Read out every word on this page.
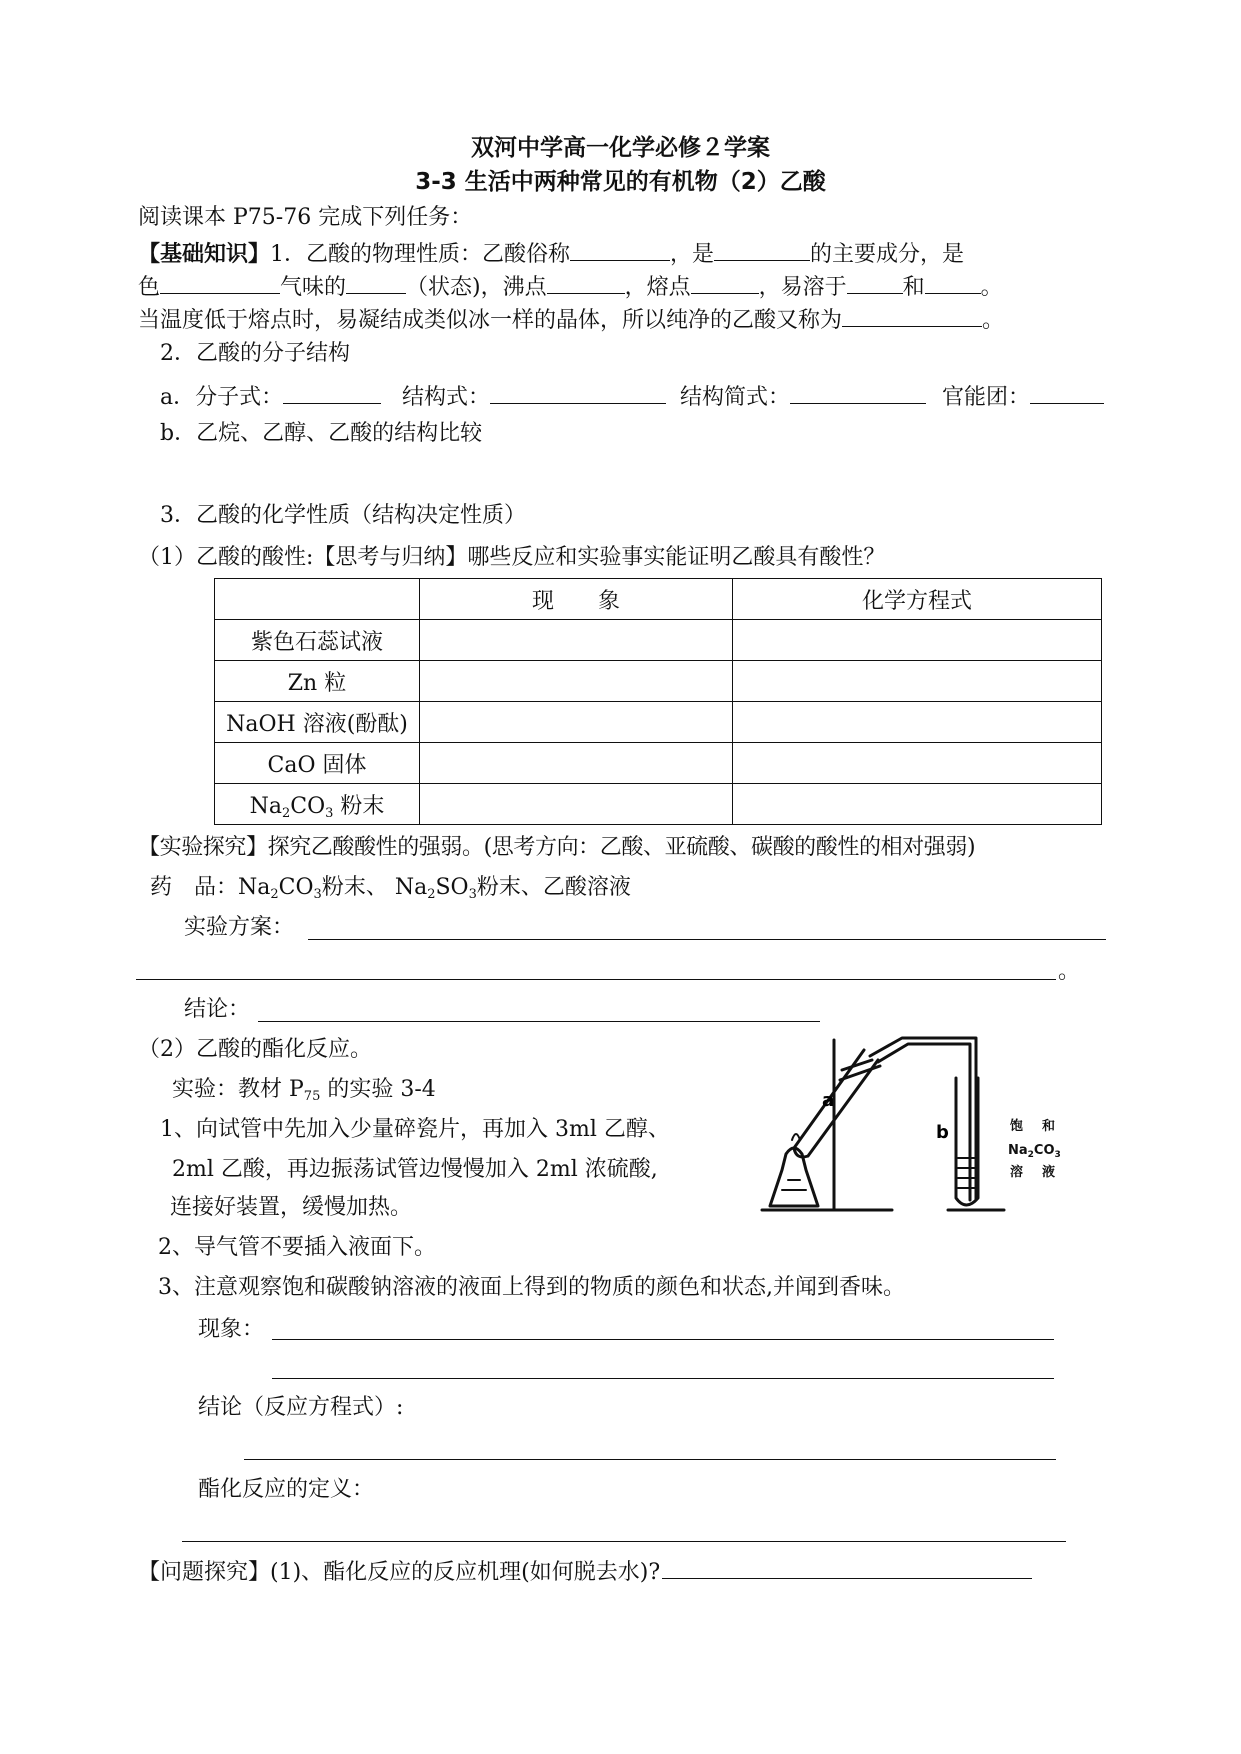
双河中学高一化学必修２学案
3-3 生活中两种常见的有机物（2）乙酸
阅读课本 P75-76 完成下列任务：
【基础知识】1．乙酸的物理性质：乙酸俗称	，是	的主要成分，是
色	气味的	（状态)，沸点	，熔点	，易溶于	和	。
当温度低于熔点时，易凝结成类似冰一样的晶体，所以纯净的乙酸又称为	。
2．乙酸的分子结构
a．分子式：	结构式：	结构简式：	官能团：
b．乙烷、乙醇、乙酸的结构比较
3．乙酸的化学性质（结构决定性质）
（1）乙酸的酸性:【思考与归纳】哪些反应和实验事实能证明乙酸具有酸性？
	现　　象	化学方程式
紫色石蕊试液		
Zn 粒		
NaOH 溶液(酚酞)		
CaO 固体		
$Na_2CO_3$ 粉末		
【实验探究】探究乙酸酸性的强弱。(思考方向：乙酸、亚硫酸、碳酸的酸性的相对强弱)
药　品：$Na_2CO_3$粉末、 $Na_2SO_3$粉末、乙酸溶液
实验方案：
。
结论：
（2）乙酸的酯化反应。
实验：教材 $P_{75}$ 的实验 3-4
1、向试管中先加入少量碎瓷片，再加入 3ml 乙醇、
2ml 乙酸，再边振荡试管边慢慢加入 2ml 浓硫酸,
连接好装置，缓慢加热。
2、导气管不要插入液面下。
3、注意观察饱和碳酸钠溶液的液面上得到的物质的颜色和状态,并闻到香味。
现象：
结论（反应方程式）:
酯化反应的定义：
【问题探究】(1)、酯化反应的反应机理(如何脱去水)?
a
b	饱 和
$Na_2CO_3$
溶 液
